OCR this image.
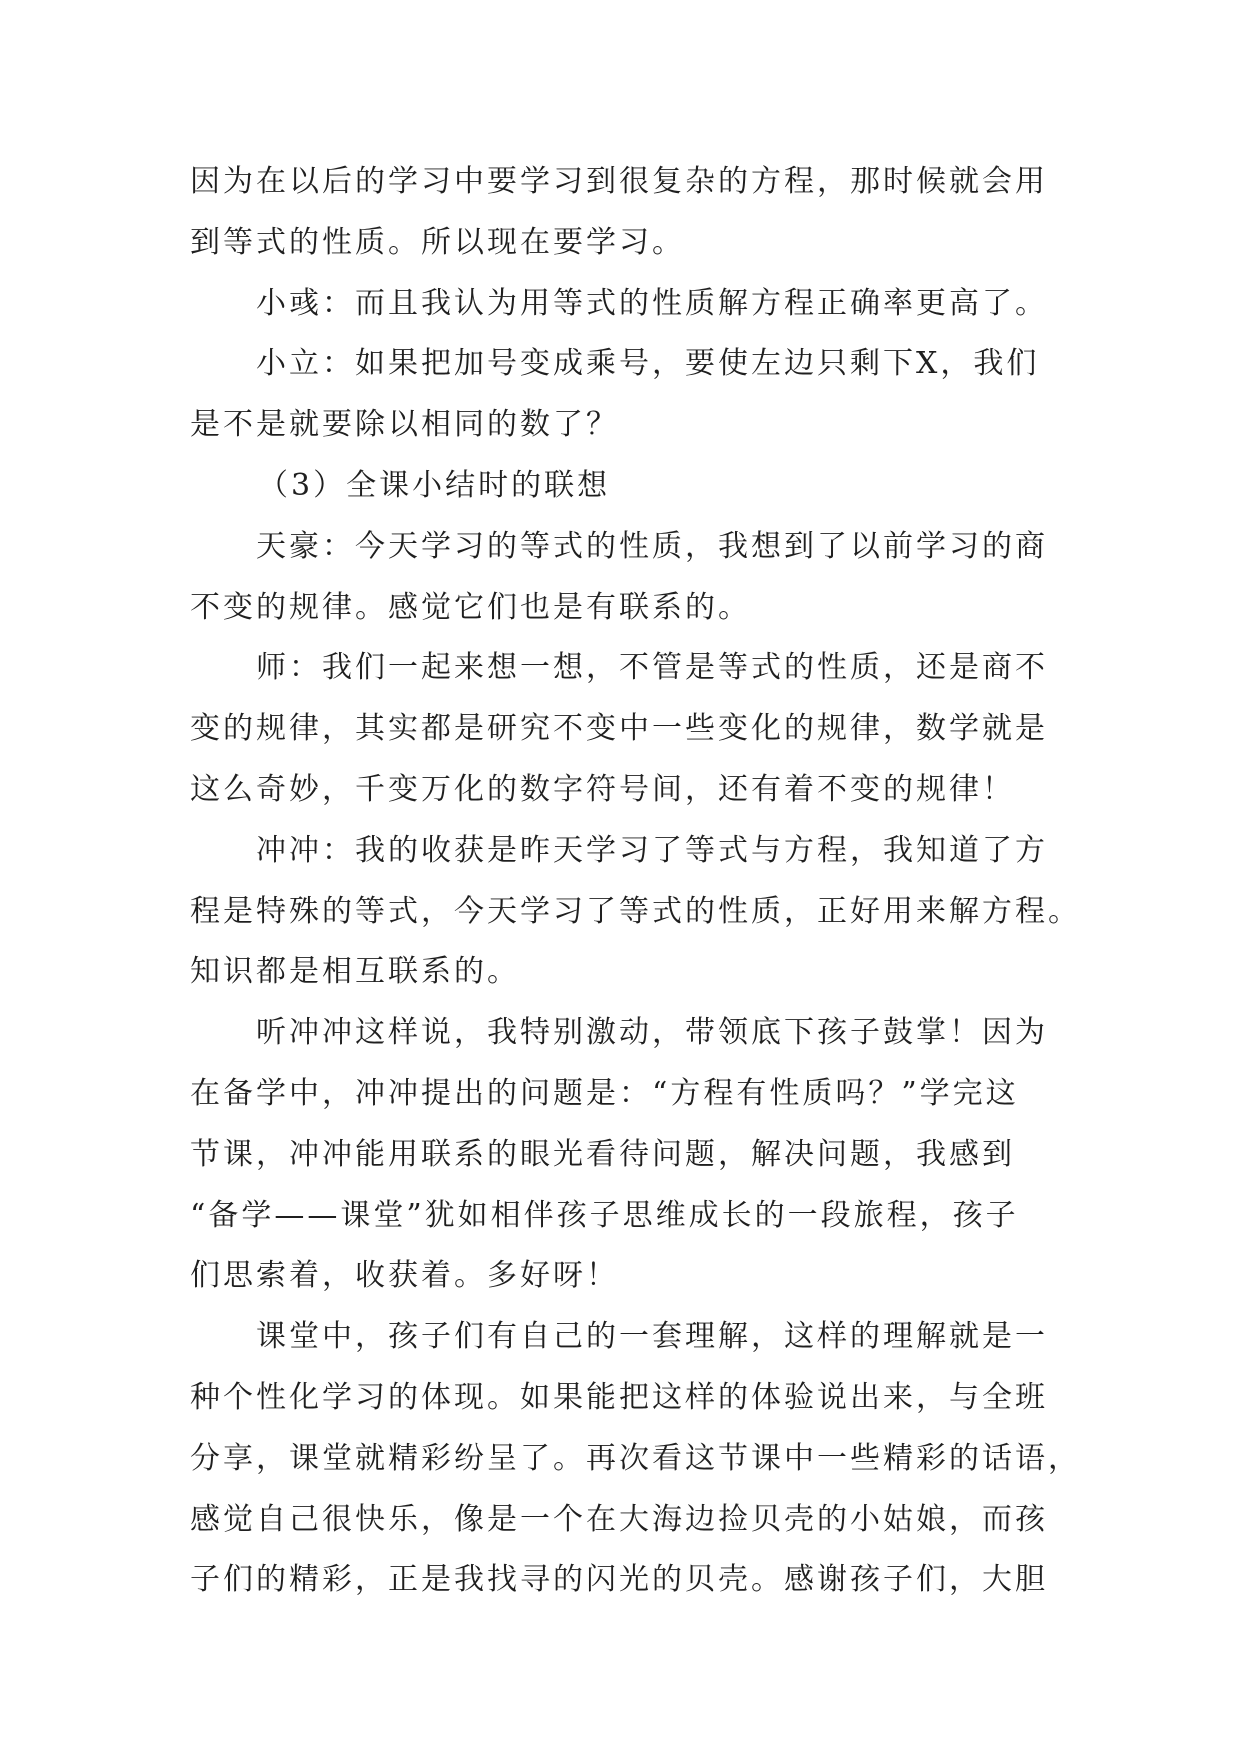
因为在以后的学习中要学习到很复杂的方程，那时候就会用
到等式的性质。所以现在要学习。
小彧：而且我认为用等式的性质解方程正确率更高了。
小立：如果把加号变成乘号，要使左边只剩下X，我们
是不是就要除以相同的数了？
（3）全课小结时的联想
天豪：今天学习的等式的性质，我想到了以前学习的商
不变的规律。感觉它们也是有联系的。
师：我们一起来想一想，不管是等式的性质，还是商不
变的规律，其实都是研究不变中一些变化的规律，数学就是
这么奇妙，千变万化的数字符号间，还有着不变的规律！
冲冲：我的收获是昨天学习了等式与方程，我知道了方
程是特殊的等式，今天学习了等式的性质，正好用来解方程。
知识都是相互联系的。
听冲冲这样说，我特别激动，带领底下孩子鼓掌！因为
在备学中，冲冲提出的问题是：“方程有性质吗？”学完这
节课，冲冲能用联系的眼光看待问题，解决问题，我感到
“备学——课堂”犹如相伴孩子思维成长的一段旅程，孩子
们思索着，收获着。多好呀！
课堂中，孩子们有自己的一套理解，这样的理解就是一
种个性化学习的体现。如果能把这样的体验说出来，与全班
分享，课堂就精彩纷呈了。再次看这节课中一些精彩的话语，
感觉自己很快乐，像是一个在大海边捡贝壳的小姑娘，而孩
子们的精彩，正是我找寻的闪光的贝壳。感谢孩子们，大胆
